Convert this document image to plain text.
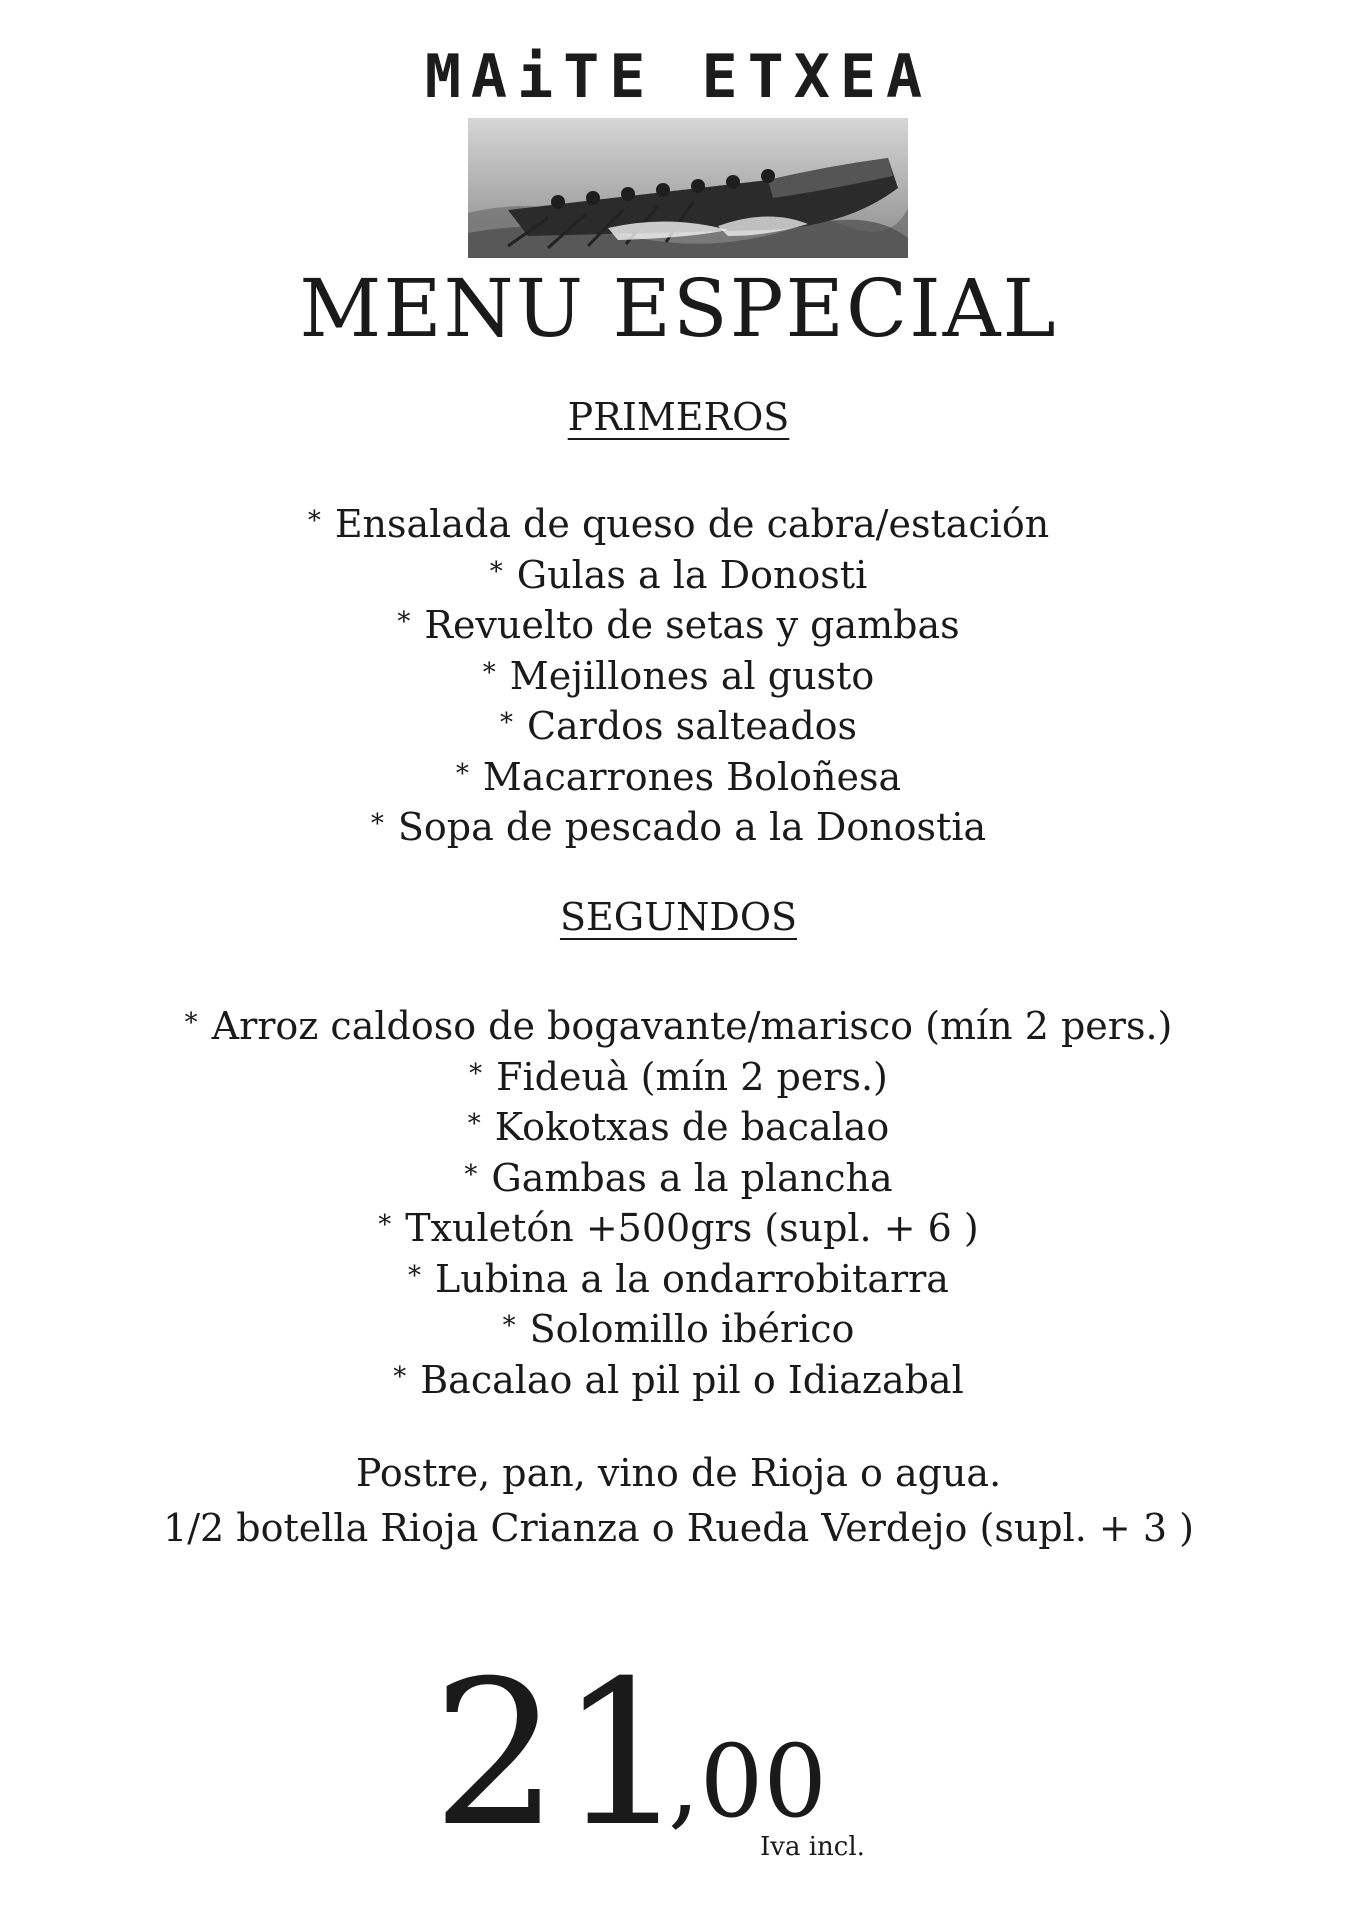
MAiTE ETXEA
MENU ESPECIAL
PRIMEROS
* Ensalada de queso de cabra/estación
* Gulas a la Donosti
* Revuelto de setas y gambas
* Mejillones al gusto
* Cardos salteados
* Macarrones Boloñesa
* Sopa de pescado a la Donostia
SEGUNDOS
* Arroz caldoso de bogavante/marisco (mín 2 pers.)
* Fideuà (mín 2 pers.)
* Kokotxas de bacalao
* Gambas a la plancha
* Txuletón +500grs (supl. + 6 )
* Lubina a la ondarrobitarra
* Solomillo ibérico
* Bacalao al pil pil o Idiazabal
Postre, pan, vino de Rioja o agua.
1/2 botella Rioja Crianza o Rueda Verdejo (supl. + 3 )
21
,00
Iva incl.
